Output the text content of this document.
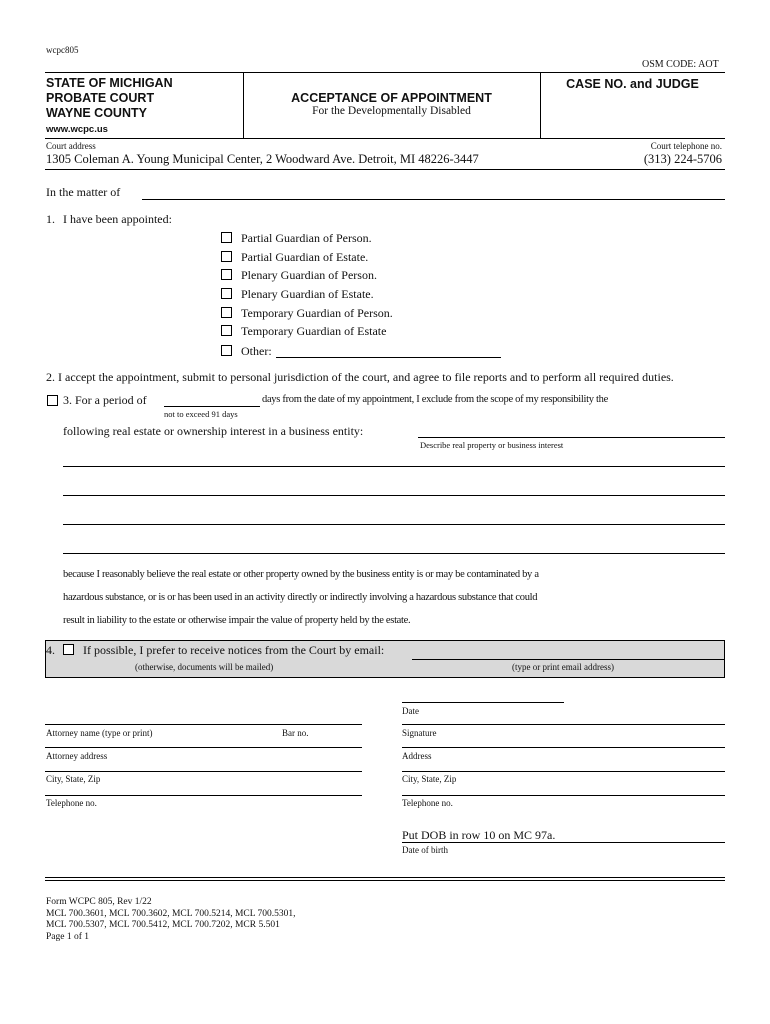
wcpc805
OSM CODE: AOT
STATE OF MICHIGAN
PROBATE COURT
WAYNE COUNTY
www.wcpc.us
ACCEPTANCE OF APPOINTMENT
For the Developmentally Disabled
CASE NO. and JUDGE
Court address
1305 Coleman A. Young Municipal Center, 2 Woodward Ave. Detroit, MI 48226-3447
Court telephone no.
(313) 224-5706
In the matter of
1. I have been appointed:
Partial Guardian of Person.
Partial Guardian of Estate.
Plenary Guardian of Person.
Plenary Guardian of Estate.
Temporary Guardian of Person.
Temporary Guardian of Estate
Other:
2. I accept the appointment, submit to personal jurisdiction of the court, and agree to file reports and to perform all required duties.
3. For a period of	days from the date of my appointment, I exclude from the scope of my responsibility the
not to exceed 91 days
following real estate or ownership interest in a business entity:
Describe real property or business interest
because I reasonably believe the real estate or other property owned by the business entity is or may be contaminated by a
hazardous substance, or is or has been used in an activity directly or indirectly involving a hazardous substance that could
result in liability to the estate or otherwise impair the value of property held by the estate.
4. If possible, I prefer to receive notices from the Court by email:
(otherwise, documents will be mailed)	(type or print email address)
Date
Attorney name (type or print)	Bar no.	Signature
Attorney address	Address
City, State, Zip	City, State, Zip
Telephone no.	Telephone no.
Put DOB in row 10 on MC 97a.
Date of birth
Form WCPC 805, Rev 1/22
MCL 700.3601, MCL 700.3602, MCL 700.5214, MCL 700.5301,
MCL 700.5307, MCL 700.5412, MCL 700.7202, MCR 5.501
Page 1 of 1
